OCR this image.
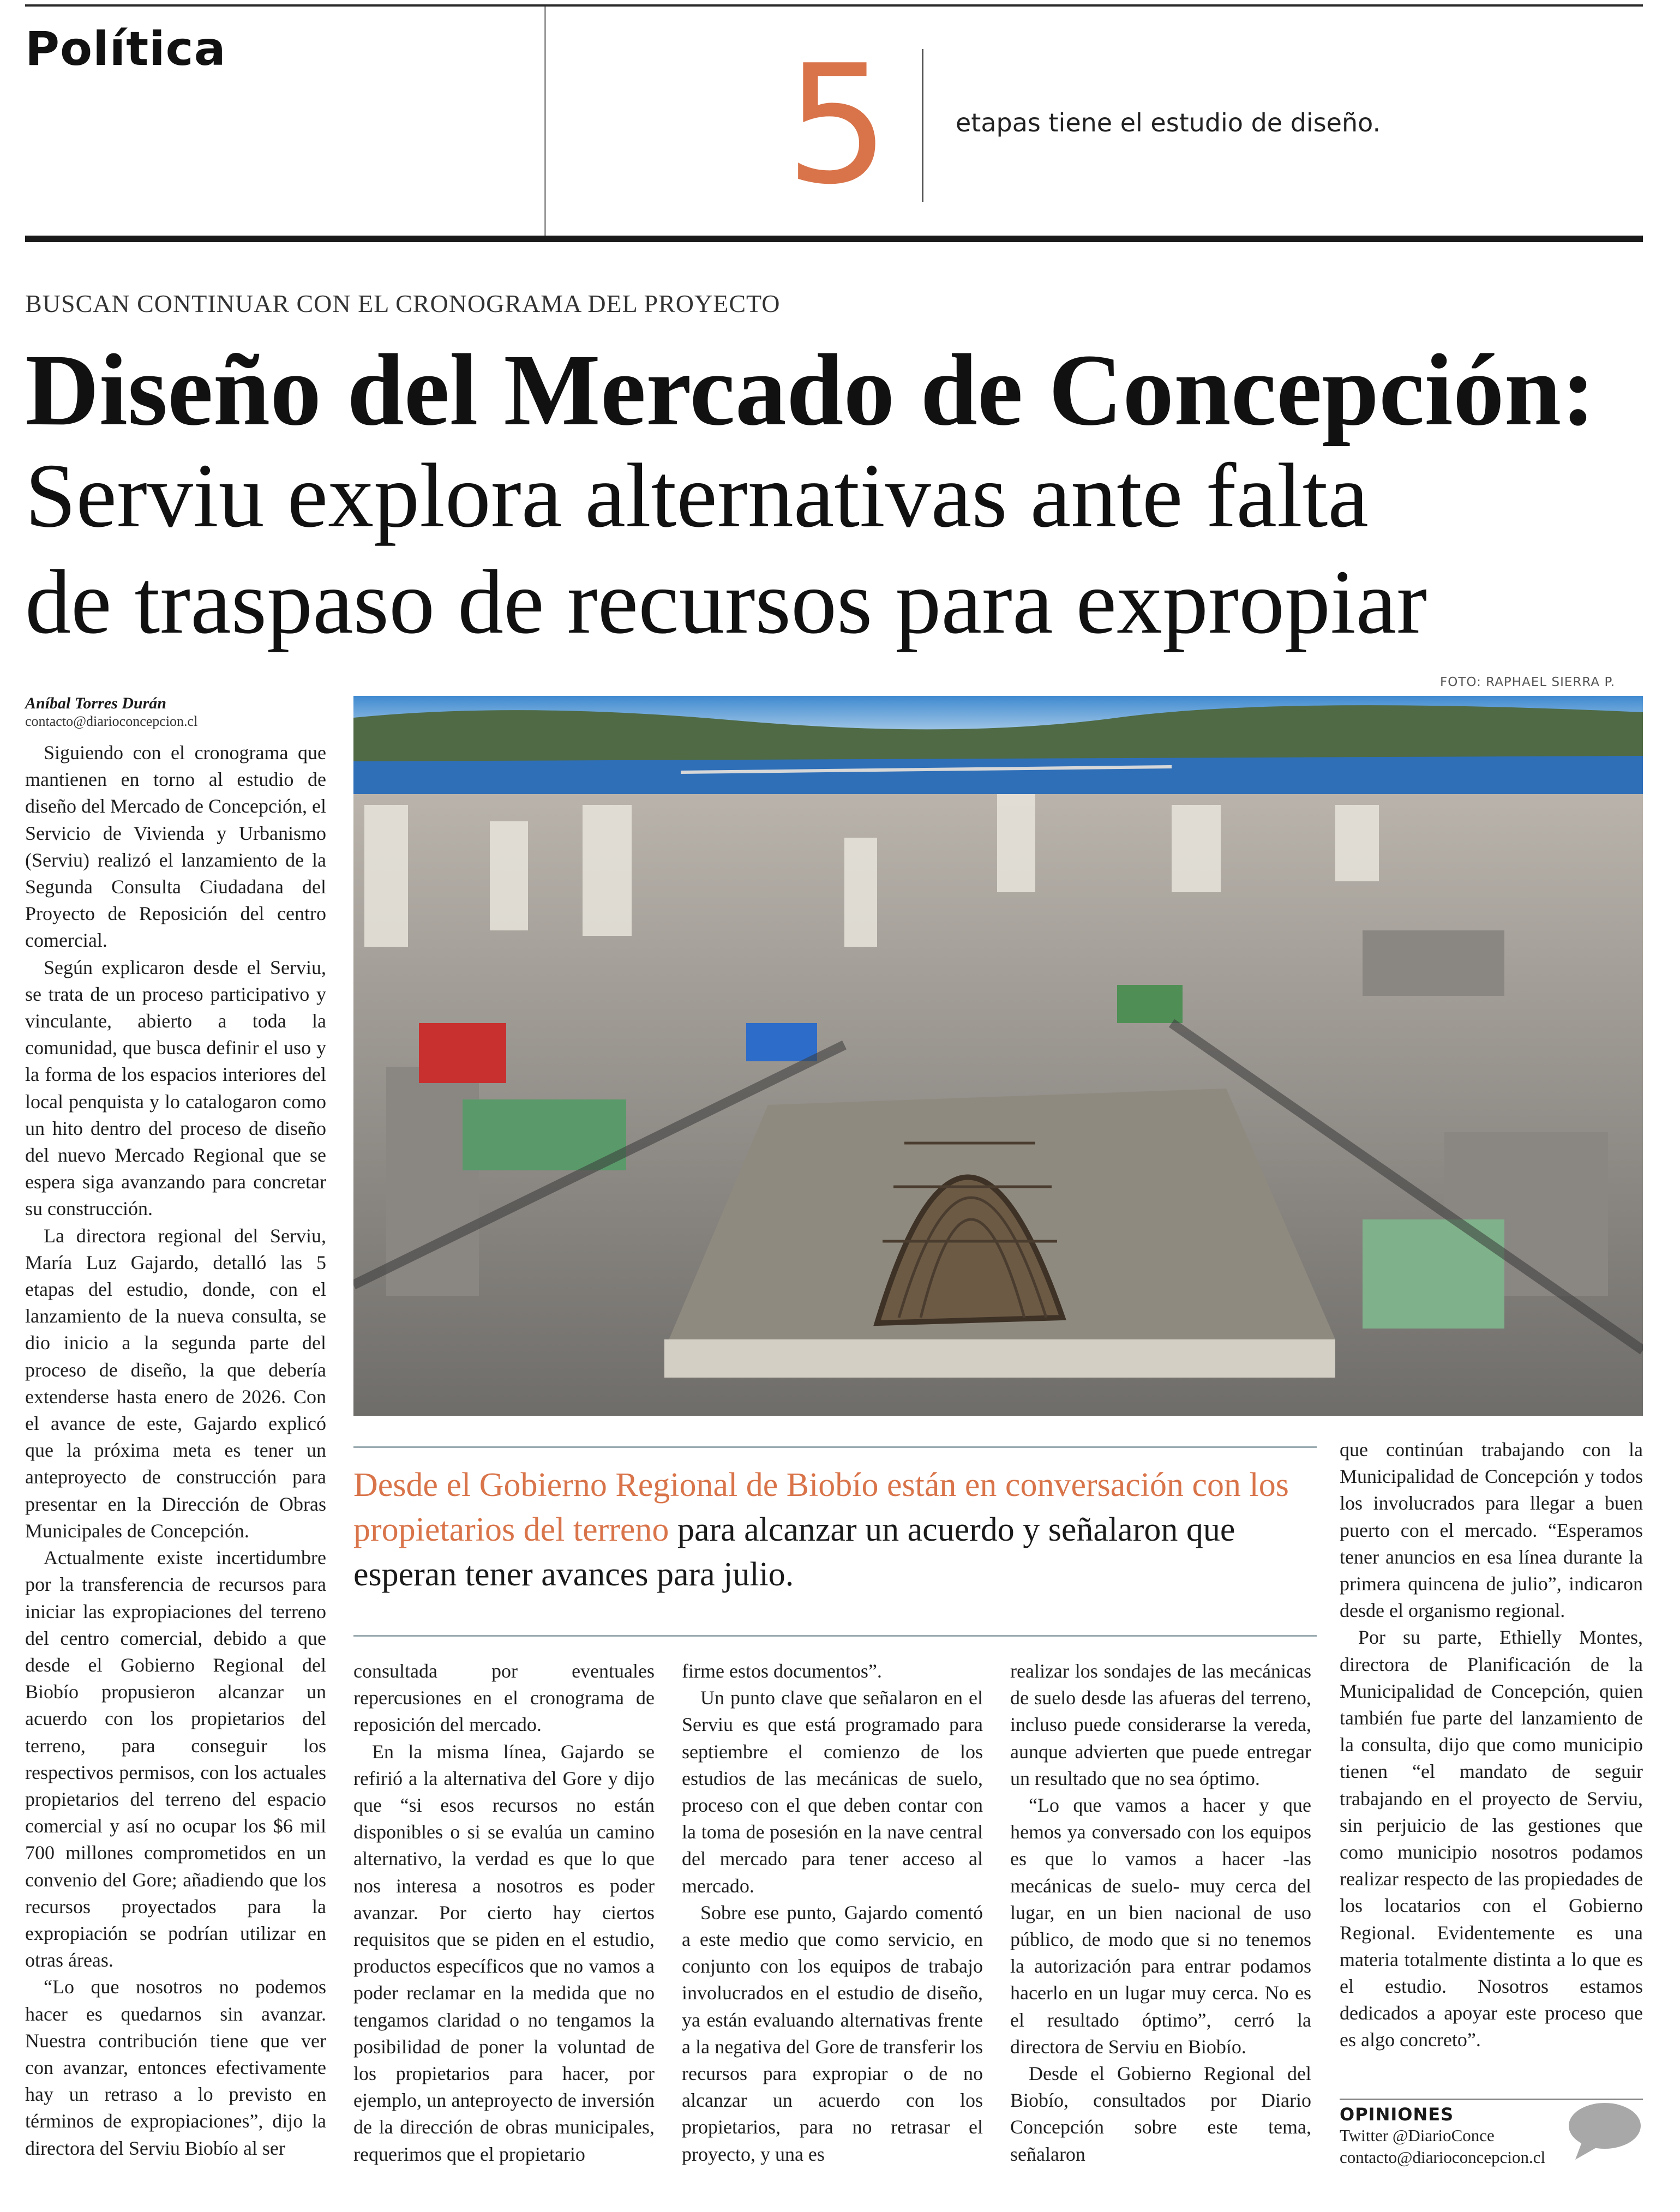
Política	5	etapas tiene el estudio de diseño.
BUSCAN CONTINUAR CON EL CRONOGRAMA DEL PROYECTO
Diseño del Mercado de Concepción:
Serviu explora alternativas ante falta
de traspaso de recursos para expropiar
FOTO: RAPHAEL SIERRA P.
Aníbal Torres Durán
contacto@diarioconcepcion.cl

Siguiendo con el cronograma que mantienen en torno al estudio de diseño del Mercado de Concepción, el Servicio de Vivienda y Urbanismo (Serviu) realizó el lanzamiento de la Segunda Consulta Ciudadana del Proyecto de Reposición del centro comercial.

Según explicaron desde el Serviu, se trata de un proceso participativo y vinculante, abierto a toda la comunidad, que busca definir el uso y la forma de los espacios interiores del local penquista y lo catalogaron como un hito dentro del proceso de diseño del nuevo Mercado Regional que se espera siga avanzando para concretar su construcción.

La directora regional del Serviu, María Luz Gajardo, detalló las 5 etapas del estudio, donde, con el lanzamiento de la nueva consulta, se dio inicio a la segunda parte del proceso de diseño, la que debería extenderse hasta enero de 2026. Con el avance de este, Gajardo explicó que la próxima meta es tener un anteproyecto de construcción para presentar en la Dirección de Obras Municipales de Concepción.

Actualmente existe incertidumbre por la transferencia de recursos para iniciar las expropiaciones del terreno del centro comercial, debido a que desde el Gobierno Regional del Biobío propusieron alcanzar un acuerdo con los propietarios del terreno, para conseguir los respectivos permisos, con los actuales propietarios del terreno del espacio comercial y así no ocupar los $6 mil 700 millones comprometidos en un convenio del Gore; añadiendo que los recursos proyectados para la expropiación se podrían utilizar en otras áreas.

“Lo que nosotros no podemos hacer es quedarnos sin avanzar. Nuestra contribución tiene que ver con avanzar, entonces efectivamente hay un retraso a lo previsto en términos de expropiaciones”, dijo la directora del Serviu Biobío al ser

Desde el Gobierno Regional de Biobío están en conversación con los propietarios del terreno para alcanzar un acuerdo y señalaron que esperan tener avances para julio.

consultada por eventuales repercusiones en el cronograma de reposición del mercado.

En la misma línea, Gajardo se refirió a la alternativa del Gore y dijo que “si esos recursos no están disponibles o si se evalúa un camino alternativo, la verdad es que lo que nos interesa a nosotros es poder avanzar. Por cierto hay ciertos requisitos que se piden en el estudio, productos específicos que no vamos a poder reclamar en la medida que no tengamos claridad o no tengamos la posibilidad de poner la voluntad de los propietarios para hacer, por ejemplo, un anteproyecto de inversión de la dirección de obras municipales, requerimos que el propietario

firme estos documentos”.

Un punto clave que señalaron en el Serviu es que está programado para septiembre el comienzo de los estudios de las mecánicas de suelo, proceso con el que deben contar con la toma de posesión en la nave central del mercado para tener acceso al mercado.

Sobre ese punto, Gajardo comentó a este medio que como servicio, en conjunto con los equipos de trabajo involucrados en el estudio de diseño, ya están evaluando alternativas frente a la negativa del Gore de transferir los recursos para expropiar o de no alcanzar un acuerdo con los propietarios, para no retrasar el proyecto, y una es

realizar los sondajes de las mecánicas de suelo desde las afueras del terreno, incluso puede considerarse la vereda, aunque advierten que puede entregar un resultado que no sea óptimo.

“Lo que vamos a hacer y que hemos ya conversado con los equipos es que lo vamos a hacer -las mecánicas de suelo- muy cerca del lugar, en un bien nacional de uso público, de modo que si no tenemos la autorización para entrar podamos hacerlo en un lugar muy cerca. No es el resultado óptimo”, cerró la directora de Serviu en Biobío.

Desde el Gobierno Regional del Biobío, consultados por Diario Concepción sobre este tema, señalaron

que continúan trabajando con la Municipalidad de Concepción y todos los involucrados para llegar a buen puerto con el mercado. “Esperamos tener anuncios en esa línea durante la primera quincena de julio”, indicaron desde el organismo regional.

Por su parte, Ethielly Montes, directora de Planificación de la Municipalidad de Concepción, quien también fue parte del lanzamiento de la consulta, dijo que como municipio tienen “el mandato de seguir trabajando en el proyecto de Serviu, sin perjuicio de las gestiones que como municipio nosotros podamos realizar respecto de las propiedades de los locatarios con el Gobierno Regional. Evidentemente es una materia totalmente distinta a lo que es el estudio. Nosotros estamos dedicados a apoyar este proceso que es algo concreto”.

OPINIONES
Twitter @DiarioConce
contacto@diarioconcepcion.cl
